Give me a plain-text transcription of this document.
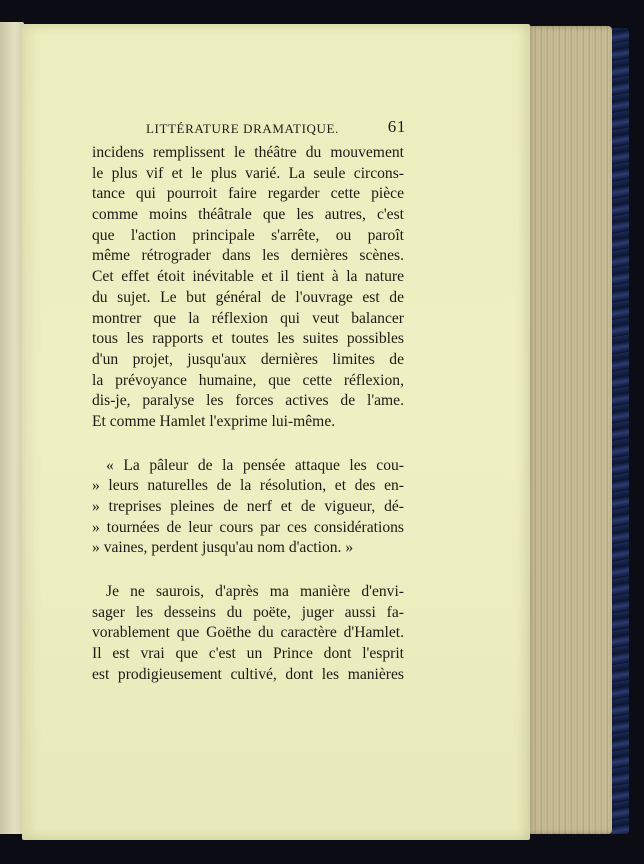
LITTÉRATURE DRAMATIQUE.	61
incidens remplissent le théâtre du mouvement
le plus vif et le plus varié. La seule circons-
tance qui pourroit faire regarder cette pièce
comme moins théâtrale que les autres, c'est
que l'action principale s'arrête, ou paroît
même rétrograder dans les dernières scènes.
Cet effet étoit inévitable et il tient à la nature
du sujet. Le but général de l'ouvrage est de
montrer que la réflexion qui veut balancer
tous les rapports et toutes les suites possibles
d'un projet, jusqu'aux dernières limites de
la prévoyance humaine, que cette réflexion,
dis-je, paralyse les forces actives de l'ame.
Et comme Hamlet l'exprime lui-même.
« La pâleur de la pensée attaque les cou-
» leurs naturelles de la résolution, et des en-
» treprises pleines de nerf et de vigueur, dé-
» tournées de leur cours par ces considérations
» vaines, perdent jusqu'au nom d'action. »
Je ne saurois, d'après ma manière d'envi-
sager les desseins du poëte, juger aussi fa-
vorablement que Goëthe du caractère d'Hamlet.
Il est vrai que c'est un Prince dont l'esprit
est prodigieusement cultivé, dont les manières
